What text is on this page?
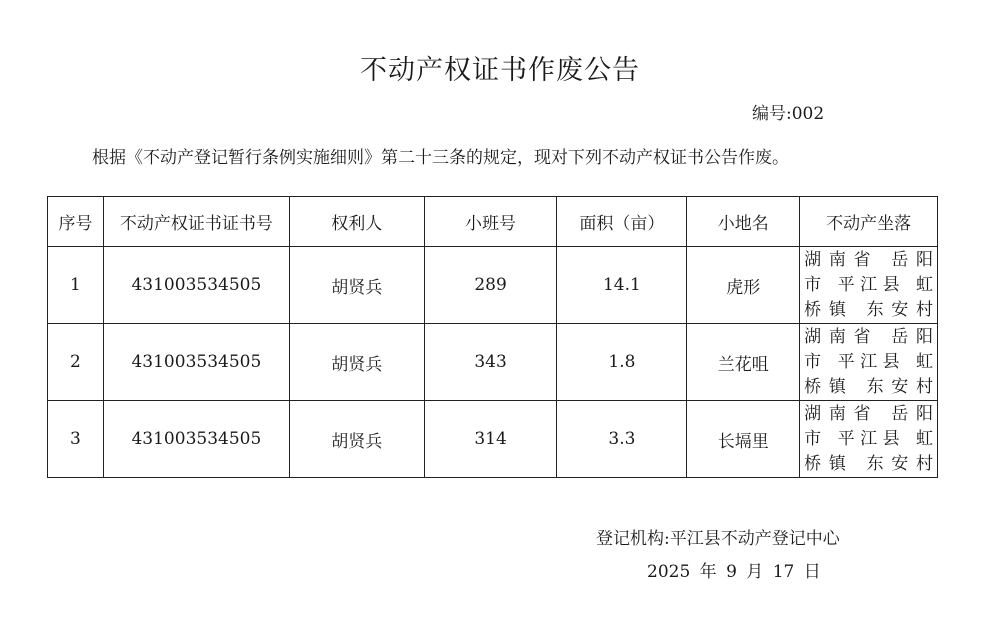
不动产权证书作废公告
编号:002
根据《不动产登记暂行条例实施细则》第二十三条的规定，现对下列不动产权证书公告作废。
序号	不动产权证书证书号	权利人	小班号	面积（亩）	小地名	不动产坐落
1	431003534505	胡贤兵	289	14.1	虎形	湖南省 岳阳
市 平江县 虹
桥镇 东安村

2	431003534505	胡贤兵	343	1.8	兰花咀	湖南省 岳阳
市 平江县 虹
桥镇 东安村

3	431003534505	胡贤兵	314	3.3	长塥里	湖南省 岳阳
市 平江县 虹
桥镇 东安村
登记机构:平江县不动产登记中心
2025 年 9 月 17 日
